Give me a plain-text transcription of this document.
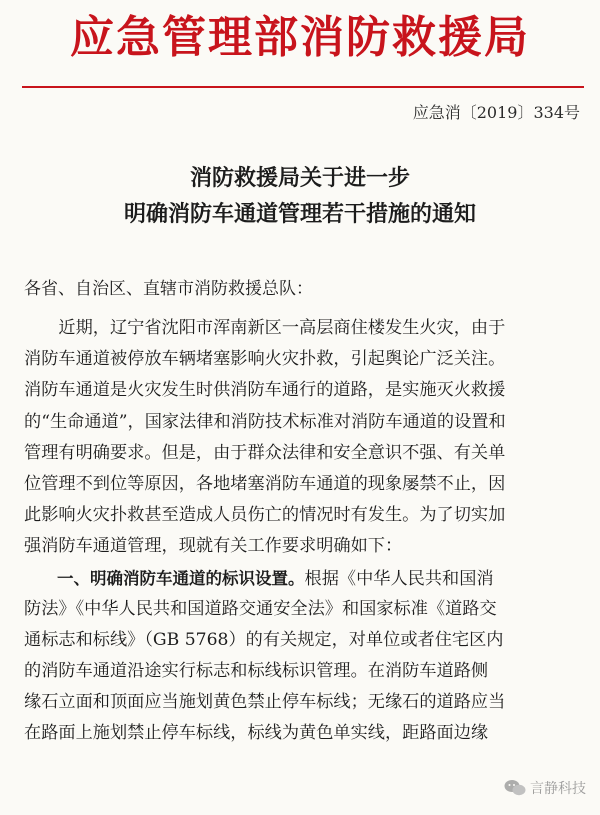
应急管理部消防救援局
应急消〔2019〕334号
消防救援局关于进一步
明确消防车通道管理若干措施的通知
各省、自治区、直辖市消防救援总队：

　　近期，辽宁省沈阳市浑南新区一高层商住楼发生火灾，由于
消防车通道被停放车辆堵塞影响火灾扑救，引起舆论广泛关注。
消防车通道是火灾发生时供消防车通行的道路，是实施灭火救援
的“生命通道”，国家法律和消防技术标准对消防车通道的设置和
管理有明确要求。但是，由于群众法律和安全意识不强、有关单
位管理不到位等原因，各地堵塞消防车通道的现象屡禁不止，因
此影响火灾扑救甚至造成人员伤亡的情况时有发生。为了切实加
强消防车通道管理，现就有关工作要求明确如下：

　　一、明确消防车通道的标识设置。根据《中华人民共和国消
防法》《中华人民共和国道路交通安全法》和国家标准《道路交
通标志和标线》（GB 5768）的有关规定，对单位或者住宅区内
的消防车通道沿途实行标志和标线标识管理。在消防车道路侧
缘石立面和顶面应当施划黄色禁止停车标线；无缘石的道路应当
在路面上施划禁止停车标线，标线为黄色单实线，距路面边缘

言静科技
